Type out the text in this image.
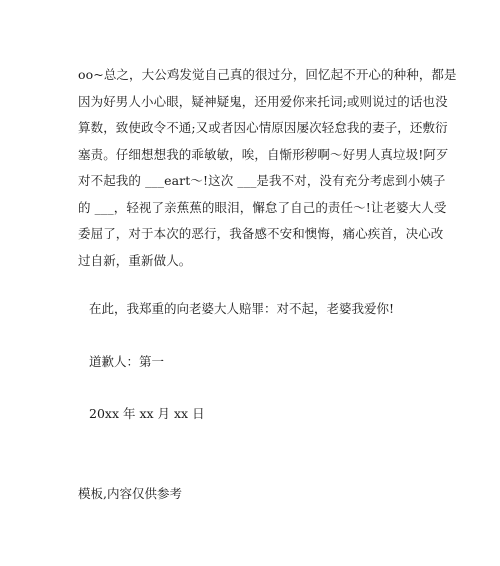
oo~总之，大公鸡发觉自己真的很过分，回忆起不开心的种种，都是
因为好男人小心眼，疑神疑鬼，还用爱你来托词;或则说过的话也没
算数，致使政令不通;又或者因心情原因屡次轻怠我的妻子，还敷衍
塞责。仔细想想我的乖敏敏，唉，自惭形秽啊～好男人真垃圾!阿歹
对不起我的 ___eart～!这次 ___是我不对，没有充分考虑到小姨子
的 ___，轻视了亲蕉蕉的眼泪，懈怠了自己的责任～!让老婆大人受
委屈了，对于本次的恶行，我备感不安和懊悔，痛心疾首，决心改
过自新，重新做人。
在此，我郑重的向老婆大人赔罪：对不起，老婆我爱你!
道歉人：第一
20xx 年 xx 月 xx 日
模板,内容仅供参考
